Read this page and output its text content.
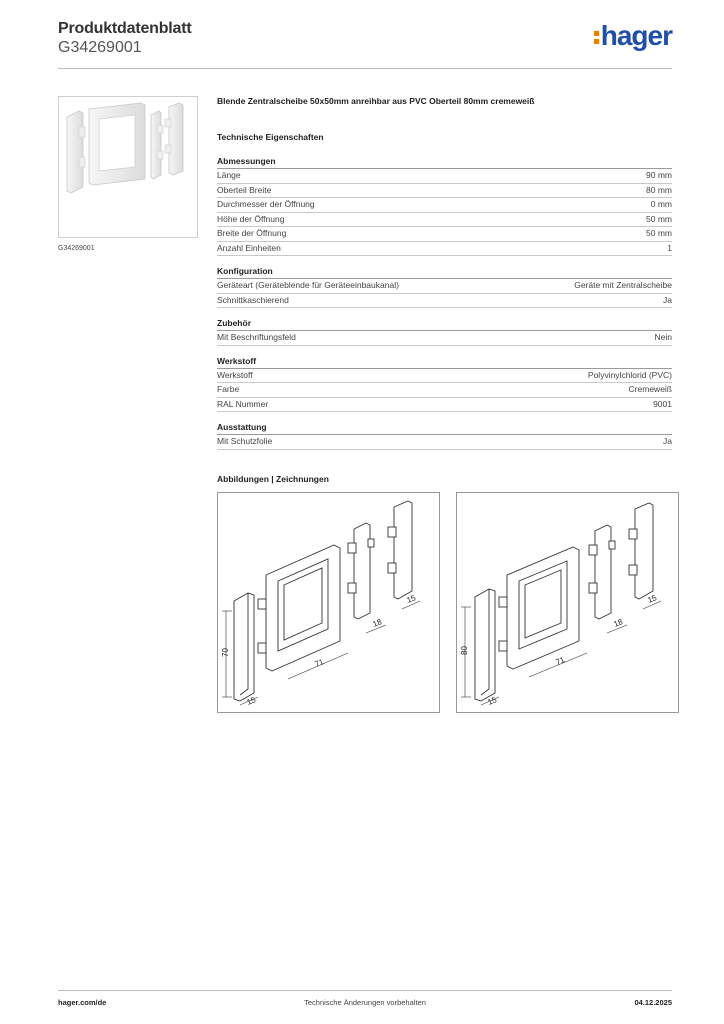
Produktdatenblatt
G34269001	hager
G34269001
Blende Zentralscheibe 50x50mm anreihbar aus PVC Oberteil 80mm cremeweiß
Technische Eigenschaften
Abmessungen
Länge	90 mm
Oberteil Breite	80 mm
Durchmesser der Öffnung	0 mm
Höhe der Öffnung	50 mm
Breite der Öffnung	50 mm
Anzahl Einheiten	1
Konfiguration
Geräteart (Geräteblende für Geräteeinbaukanal)	Geräte mit Zentralscheibe
Schnittkaschierend	Ja
Zubehör
Mit Beschriftungsfeld	Nein
Werkstoff
Werkstoff	Polyvinylchlorid (PVC)
Farbe	Cremeweiß
RAL Nummer	9001
Ausstattung
Mit Schutzfolie	Ja
Abbildungen | Zeichnungen
70
71
15
18
15
80
71
15
18
15
hager.com/de	Technische Änderungen vorbehalten	04.12.2025
